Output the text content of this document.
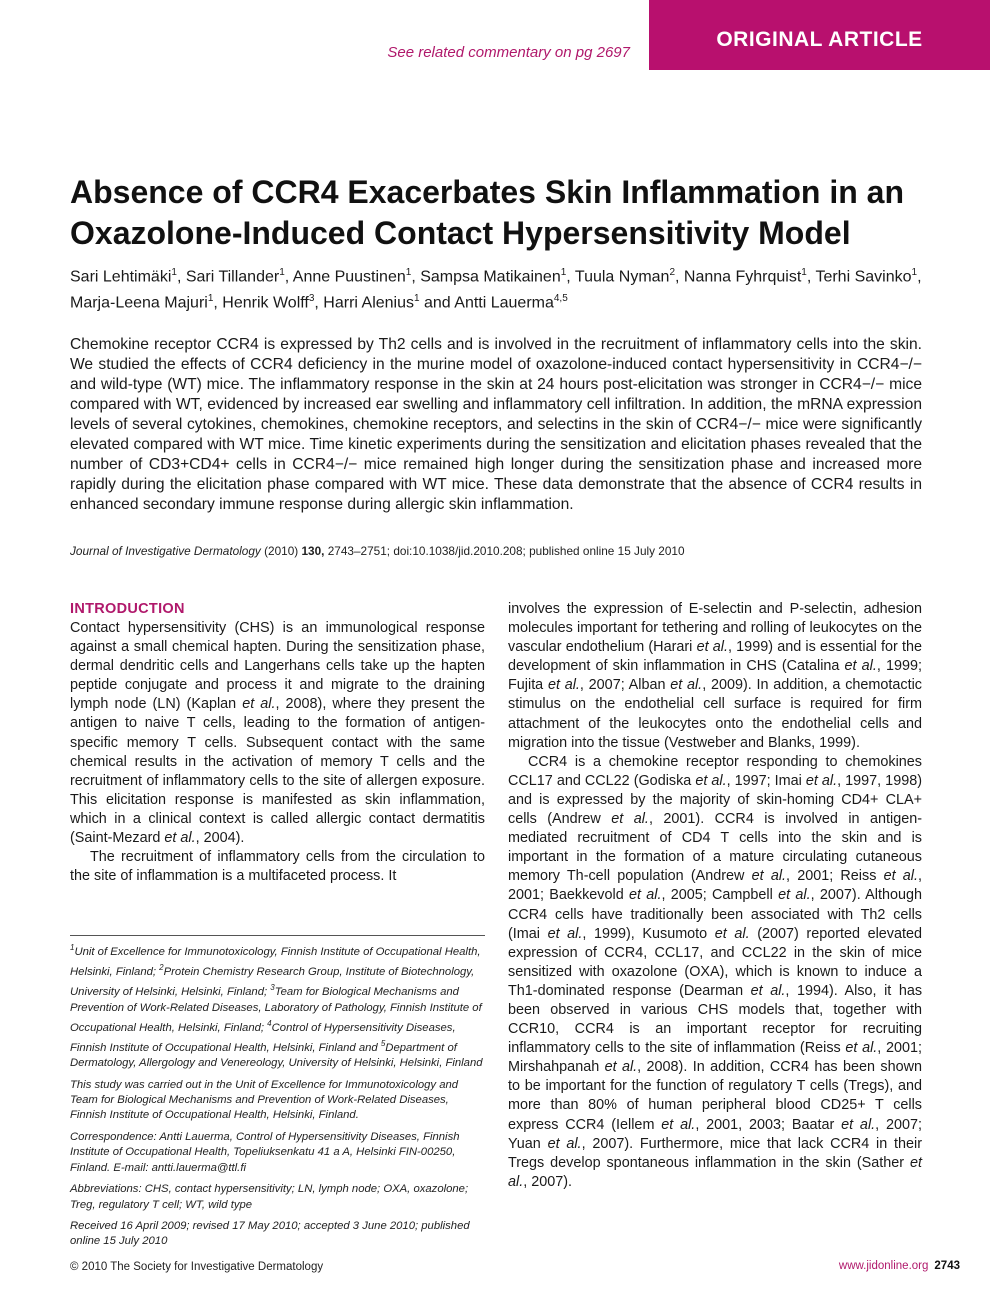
See related commentary on pg 2697
ORIGINAL ARTICLE
Absence of CCR4 Exacerbates Skin Inflammation in an Oxazolone-Induced Contact Hypersensitivity Model
Sari Lehtimäki$^1$, Sari Tillander$^1$, Anne Puustinen$^1$, Sampsa Matikainen$^1$, Tuula Nyman$^2$, Nanna Fyhrquist$^1$, Terhi Savinko$^1$, Marja-Leena Majuri$^1$, Henrik Wolff$^3$, Harri Alenius$^1$ and Antti Lauerma$^{4,5}$
Chemokine receptor CCR4 is expressed by Th2 cells and is involved in the recruitment of inflammatory cells into the skin. We studied the effects of CCR4 deficiency in the murine model of oxazolone-induced contact hypersensitivity in CCR4−/− and wild-type (WT) mice. The inflammatory response in the skin at 24 hours post-elicitation was stronger in CCR4−/− mice compared with WT, evidenced by increased ear swelling and inflammatory cell infiltration. In addition, the mRNA expression levels of several cytokines, chemokines, chemokine receptors, and selectins in the skin of CCR4−/− mice were significantly elevated compared with WT mice. Time kinetic experiments during the sensitization and elicitation phases revealed that the number of CD3+CD4+ cells in CCR4−/− mice remained high longer during the sensitization phase and increased more rapidly during the elicitation phase compared with WT mice. These data demonstrate that the absence of CCR4 results in enhanced secondary immune response during allergic skin inflammation.
Journal of Investigative Dermatology (2010) 130, 2743–2751; doi:10.1038/jid.2010.208; published online 15 July 2010
INTRODUCTION

Contact hypersensitivity (CHS) is an immunological response against a small chemical hapten. During the sensitization phase, dermal dendritic cells and Langerhans cells take up the hapten peptide conjugate and process it and migrate to the draining lymph node (LN) (Kaplan et al., 2008), where they present the antigen to naive T cells, leading to the formation of antigen-specific memory T cells. Subsequent contact with the same chemical results in the activation of memory T cells and the recruitment of inflammatory cells to the site of allergen exposure. This elicitation response is manifested as skin inflammation, which in a clinical context is called allergic contact dermatitis (Saint-Mezard et al., 2004).

The recruitment of inflammatory cells from the circulation to the site of inflammation is a multifaceted process. It

$^1$Unit of Excellence for Immunotoxicology, Finnish Institute of Occupational Health, Helsinki, Finland; $^2$Protein Chemistry Research Group, Institute of Biotechnology, University of Helsinki, Helsinki, Finland; $^3$Team for Biological Mechanisms and Prevention of Work-Related Diseases, Laboratory of Pathology, Finnish Institute of Occupational Health, Helsinki, Finland; $^4$Control of Hypersensitivity Diseases, Finnish Institute of Occupational Health, Helsinki, Finland and $^5$Department of Dermatology, Allergology and Venereology, University of Helsinki, Helsinki, Finland

This study was carried out in the Unit of Excellence for Immunotoxicology and Team for Biological Mechanisms and Prevention of Work-Related Diseases, Finnish Institute of Occupational Health, Helsinki, Finland.

Correspondence: Antti Lauerma, Control of Hypersensitivity Diseases, Finnish Institute of Occupational Health, Topeliuksenkatu 41 a A, Helsinki FIN-00250, Finland. E-mail: antti.lauerma@ttl.fi

Abbreviations: CHS, contact hypersensitivity; LN, lymph node; OXA, oxazolone; Treg, regulatory T cell; WT, wild type

Received 16 April 2009; revised 17 May 2010; accepted 3 June 2010; published online 15 July 2010

involves the expression of E-selectin and P-selectin, adhesion molecules important for tethering and rolling of leukocytes on the vascular endothelium (Harari et al., 1999) and is essential for the development of skin inflammation in CHS (Catalina et al., 1999; Fujita et al., 2007; Alban et al., 2009). In addition, a chemotactic stimulus on the endothelial cell surface is required for firm attachment of the leukocytes onto the endothelial cells and migration into the tissue (Vestweber and Blanks, 1999).

CCR4 is a chemokine receptor responding to chemokines CCL17 and CCL22 (Godiska et al., 1997; Imai et al., 1997, 1998) and is expressed by the majority of skin-homing CD4+ CLA+ cells (Andrew et al., 2001). CCR4 is involved in antigen-mediated recruitment of CD4 T cells into the skin and is important in the formation of a mature circulating cutaneous memory Th-cell population (Andrew et al., 2001; Reiss et al., 2001; Baekkevold et al., 2005; Campbell et al., 2007). Although CCR4 cells have traditionally been associated with Th2 cells (Imai et al., 1999), Kusumoto et al. (2007) reported elevated expression of CCR4, CCL17, and CCL22 in the skin of mice sensitized with oxazolone (OXA), which is known to induce a Th1-dominated response (Dearman et al., 1994). Also, it has been observed in various CHS models that, together with CCR10, CCR4 is an important receptor for recruiting inflammatory cells to the site of inflammation (Reiss et al., 2001; Mirshahpanah et al., 2008). In addition, CCR4 has been shown to be important for the function of regulatory T cells (Tregs), and more than 80% of human peripheral blood CD25+ T cells express CCR4 (Iellem et al., 2001, 2003; Baatar et al., 2007; Yuan et al., 2007). Furthermore, mice that lack CCR4 in their Tregs develop spontaneous inflammation in the skin (Sather et al., 2007).

© 2010 The Society for Investigative Dermatology	www.jidonline.org 2743
